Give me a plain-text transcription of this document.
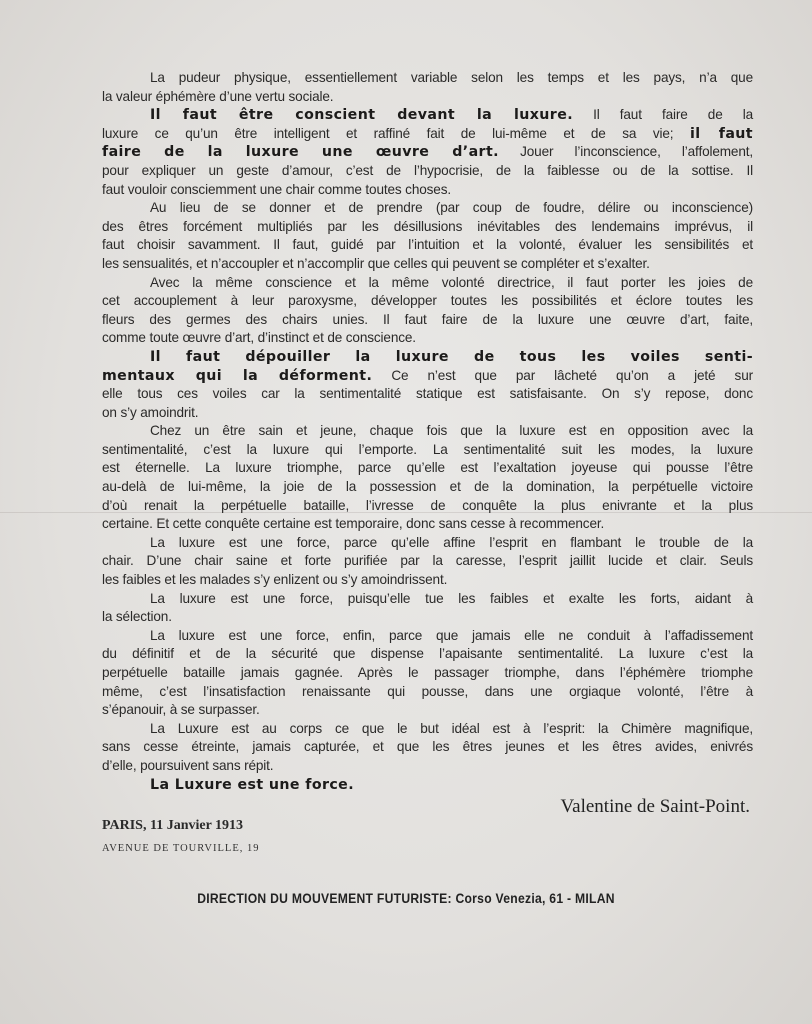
La pudeur physique, essentiellement variable selon les temps et les pays, n’a que
la valeur éphémère d’une vertu sociale.
Il faut être conscient devant la luxure. Il faut faire de la
luxure ce qu’un être intelligent et raffiné fait de lui-même et de sa vie; il faut
faire de la luxure une œuvre d’art. Jouer l’inconscience, l’affolement,
pour expliquer un geste d’amour, c’est de l’hypocrisie, de la faiblesse ou de la sottise. Il
faut vouloir consciemment une chair comme toutes choses.
Au lieu de se donner et de prendre (par coup de foudre, délire ou inconscience)
des êtres forcément multipliés par les désillusions inévitables des lendemains imprévus, il
faut choisir savamment. Il faut, guidé par l’intuition et la volonté, évaluer les sensibilités et
les sensualités, et n’accoupler et n’accomplir que celles qui peuvent se compléter et s’exalter.
Avec la même conscience et la même volonté directrice, il faut porter les joies de
cet accouplement à leur paroxysme, développer toutes les possibilités et éclore toutes les
fleurs des germes des chairs unies. Il faut faire de la luxure une œuvre d’art, faite,
comme toute œuvre d’art, d’instinct et de conscience.
Il faut dépouiller la luxure de tous les voiles senti-
mentaux qui la déforment. Ce n’est que par lâcheté qu’on a jeté sur
elle tous ces voiles car la sentimentalité statique est satisfaisante. On s’y repose, donc
on s’y amoindrit.
Chez un être sain et jeune, chaque fois que la luxure est en opposition avec la
sentimentalité, c’est la luxure qui l’emporte. La sentimentalité suit les modes, la luxure
est éternelle. La luxure triomphe, parce qu’elle est l’exaltation joyeuse qui pousse l’être
au-delà de lui-même, la joie de la possession et de la domination, la perpétuelle victoire
d’où renait la perpétuelle bataille, l’ivresse de conquête la plus enivrante et la plus
certaine. Et cette conquête certaine est temporaire, donc sans cesse à recommencer.
La luxure est une force, parce qu’elle affine l’esprit en flambant le trouble de la
chair. D’une chair saine et forte purifiée par la caresse, l’esprit jaillit lucide et clair. Seuls
les faibles et les malades s’y enlizent ou s’y amoindrissent.
La luxure est une force, puisqu’elle tue les faibles et exalte les forts, aidant à
la sélection.
La luxure est une force, enfin, parce que jamais elle ne conduit à l’affadissement
du définitif et de la sécurité que dispense l’apaisante sentimentalité. La luxure c’est la
perpétuelle bataille jamais gagnée. Après le passager triomphe, dans l’éphémère triomphe
même, c’est l’insatisfaction renaissante qui pousse, dans une orgiaque volonté, l’être à
s’épanouir, à se surpasser.
La Luxure est au corps ce que le but idéal est à l’esprit: la Chimère magnifique,
sans cesse étreinte, jamais capturée, et que les êtres jeunes et les êtres avides, enivrés
d’elle, poursuivent sans répit.
La Luxure est une force.
Valentine de Saint-Point.
PARIS, 11 Janvier 1913
AVENUE DE TOURVILLE, 19
DIRECTION DU MOUVEMENT FUTURISTE: Corso Venezia, 61 - MILAN
